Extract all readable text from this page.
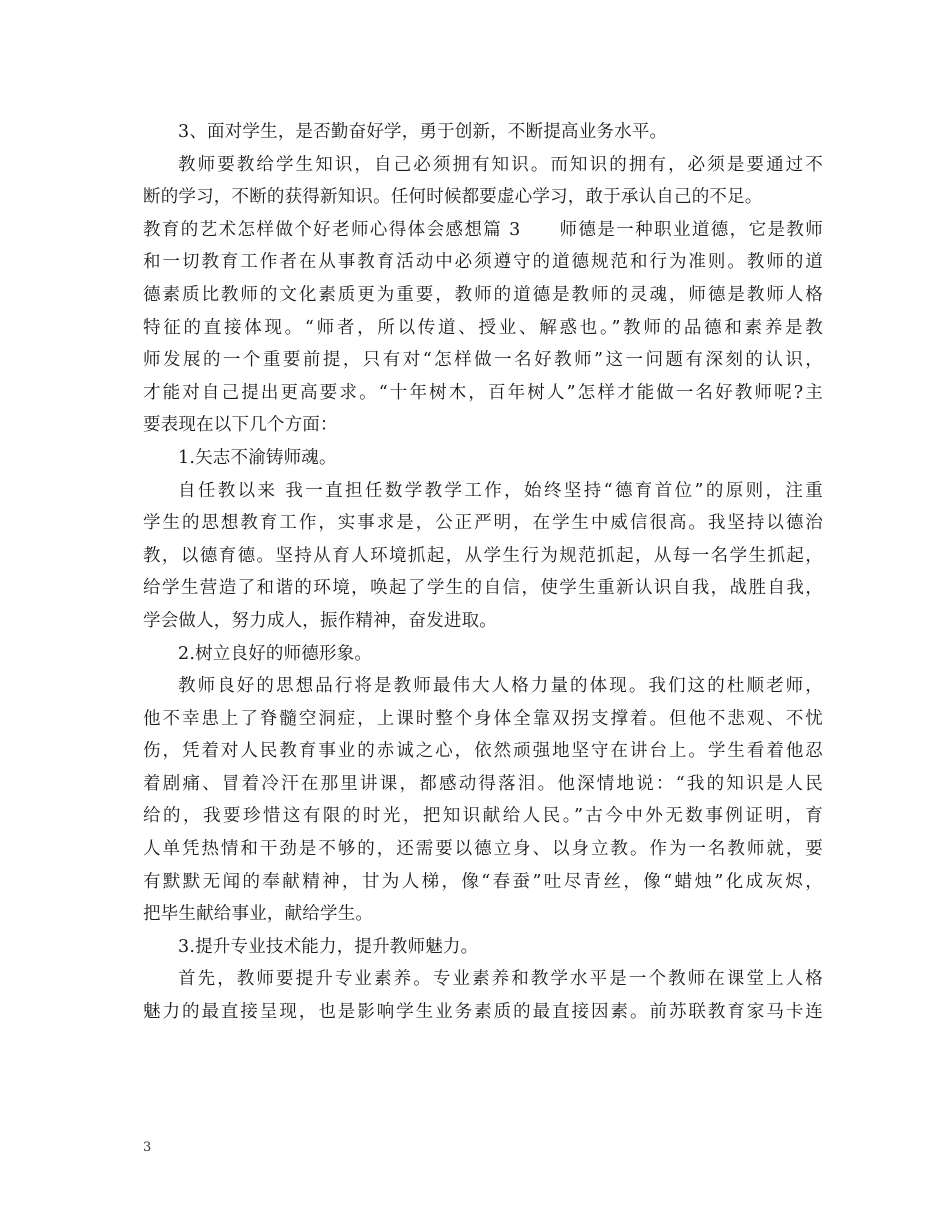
3、面对学生，是否勤奋好学，勇于创新，不断提高业务水平。
教师要教给学生知识，自己必须拥有知识。而知识的拥有，必须是要通过不
断的学习，不断的获得新知识。任何时候都要虚心学习，敢于承认自己的不足。
教育的艺术怎样做个好老师心得体会感想篇 3　　师德是一种职业道德，它是教师
和一切教育工作者在从事教育活动中必须遵守的道德规范和行为准则。教师的道
德素质比教师的文化素质更为重要，教师的道德是教师的灵魂，师德是教师人格
特征的直接体现。“师者，所以传道、授业、解惑也。”教师的品德和素养是教
师发展的一个重要前提，只有对“怎样做一名好教师”这一问题有深刻的认识，
才能对自己提出更高要求。“十年树木，百年树人”怎样才能做一名好教师呢?主
要表现在以下几个方面：
1.矢志不渝铸师魂。
自任教以来 我一直担任数学教学工作，始终坚持“德育首位”的原则，注重
学生的思想教育工作，实事求是，公正严明，在学生中威信很高。我坚持以德治
教，以德育德。坚持从育人环境抓起，从学生行为规范抓起，从每一名学生抓起，
给学生营造了和谐的环境，唤起了学生的自信，使学生重新认识自我，战胜自我，
学会做人，努力成人，振作精神，奋发进取。
2.树立良好的师德形象。
教师良好的思想品行将是教师最伟大人格力量的体现。我们这的杜顺老师，
他不幸患上了脊髓空洞症，上课时整个身体全靠双拐支撑着。但他不悲观、不忧
伤，凭着对人民教育事业的赤诚之心，依然顽强地坚守在讲台上。学生看着他忍
着剧痛、冒着冷汗在那里讲课，都感动得落泪。他深情地说：“我的知识是人民
给的，我要珍惜这有限的时光，把知识献给人民。”古今中外无数事例证明，育
人单凭热情和干劲是不够的，还需要以德立身、以身立教。作为一名教师就，要
有默默无闻的奉献精神，甘为人梯，像“春蚕”吐尽青丝，像“蜡烛”化成灰烬，
把毕生献给事业，献给学生。
3.提升专业技术能力，提升教师魅力。
首先，教师要提升专业素养。专业素养和教学水平是一个教师在课堂上人格
魅力的最直接呈现，也是影响学生业务素质的最直接因素。前苏联教育家马卡连
3
